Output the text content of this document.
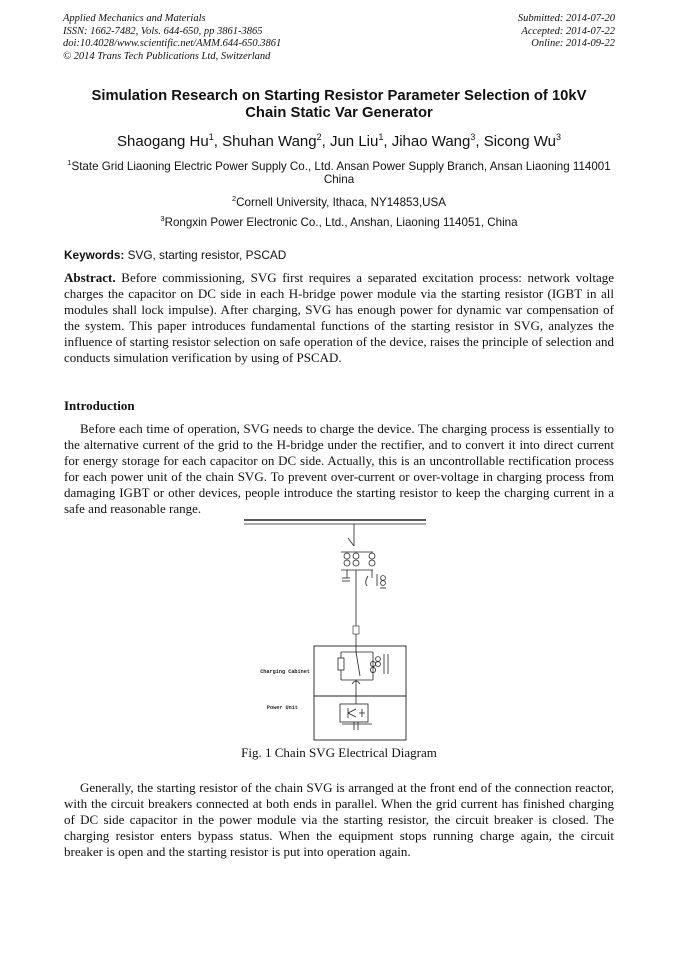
Applied Mechanics and Materials
ISSN: 1662-7482, Vols. 644-650, pp 3861-3865
doi:10.4028/www.scientific.net/AMM.644-650.3861
© 2014 Trans Tech Publications Ltd, Switzerland
Submitted: 2014-07-20
Accepted: 2014-07-22
Online: 2014-09-22
Simulation Research on Starting Resistor Parameter Selection of 10kV
Chain Static Var Generator
Shaogang Hu$^1$, Shuhan Wang$^2$, Jun Liu$^1$, Jihao Wang$^3$, Sicong Wu$^3$
$^1$State Grid Liaoning Electric Power Supply Co., Ltd. Ansan Power Supply Branch, Ansan Liaoning 114001 China
$^2$Cornell University, Ithaca, NY14853,USA
$^3$Rongxin Power Electronic Co., Ltd., Anshan, Liaoning 114051, China
Keywords: SVG, starting resistor, PSCAD
Abstract. Before commissioning, SVG first requires a separated excitation process: network voltage charges the capacitor on DC side in each H-bridge power module via the starting resistor (IGBT in all modules shall lock impulse). After charging, SVG has enough power for dynamic var compensation of the system. This paper introduces fundamental functions of the starting resistor in SVG, analyzes the influence of starting resistor selection on safe operation of the device, raises the principle of selection and conducts simulation verification by using of PSCAD.
Introduction
Before each time of operation, SVG needs to charge the device. The charging process is essentially to the alternative current of the grid to the H-bridge under the rectifier, and to convert it into direct current for energy storage for each capacitor on DC side. Actually, this is an uncontrollable rectification process for each power unit of the chain SVG. To prevent over-current or over-voltage in charging process from damaging IGBT or other devices, people introduce the starting resistor to keep the charging current in a safe and reasonable range.
Charging Cabinet
Power Unit
Fig. 1 Chain SVG Electrical Diagram
Generally, the starting resistor of the chain SVG is arranged at the front end of the connection reactor, with the circuit breakers connected at both ends in parallel. When the grid current has finished charging of DC side capacitor in the power module via the starting resistor, the circuit breaker is closed. The charging resistor enters bypass status. When the equipment stops running charge again, the circuit breaker is open and the starting resistor is put into operation again.
